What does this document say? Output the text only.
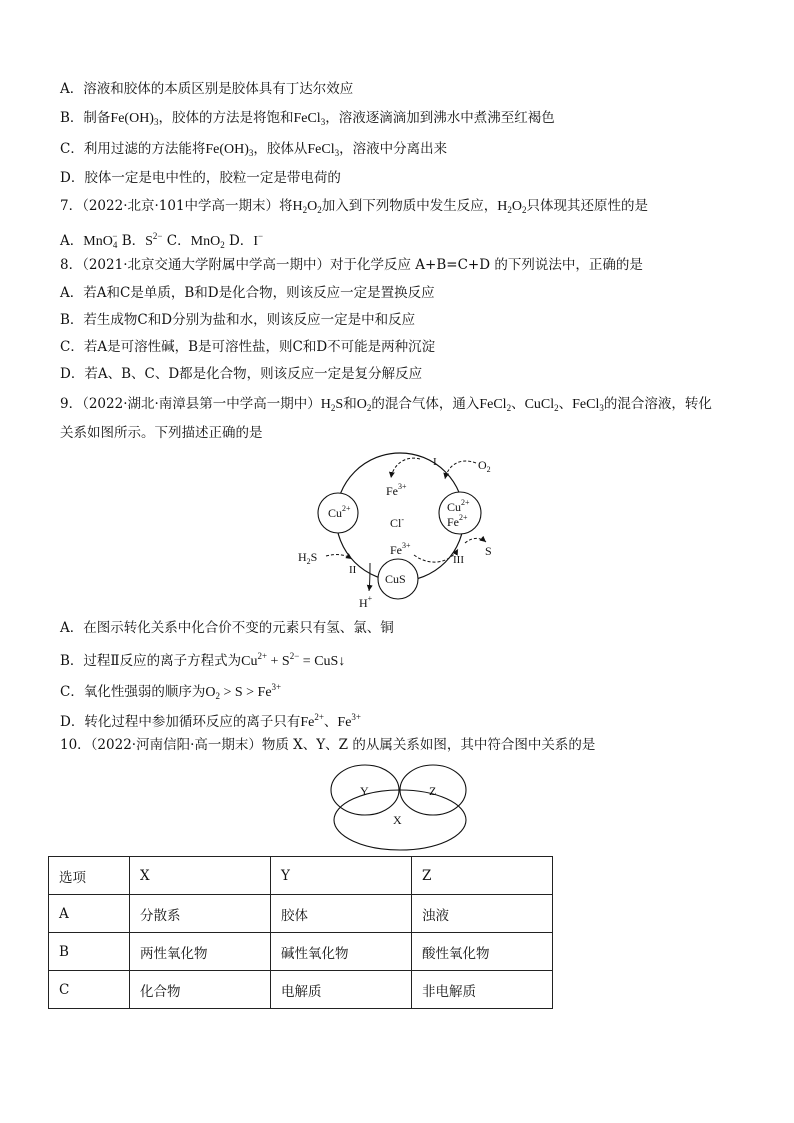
A．溶液和胶体的本质区别是胶体具有丁达尔效应
B．制备$Fe(OH)_3$，胶体的方法是将饱和FeCl$_3$，溶液逐滴滴加到沸水中煮沸至红褐色
C．利用过滤的方法能将$Fe(OH)_3$，胶体从FeCl$_3$，溶液中分离出来
D．胶体一定是电中性的，胶粒一定是带电荷的
7．（2022·北京·101中学高一期末）将$H_2O_2$加入到下列物质中发生反应，$H_2O_2$只体现其还原性的是
A．MnO$_4$− B．$S^{2-}$ C．MnO$_2$ D．I−
8．（2021·北京交通大学附属中学高一期中）对于化学反应 A+B=C+D 的下列说法中，正确的是
A．若A和C是单质，B和D是化合物，则该反应一定是置换反应
B．若生成物C和D分别为盐和水，则该反应一定是中和反应
C．若A是可溶性碱，B是可溶性盐，则C和D不可能是两种沉淀
D．若A、B、C、D都是化合物，则该反应一定是复分解反应
9．（2022·湖北·南漳县第一中学高一期中）$H_2S$和$O_2$的混合气体，通入FeCl$_2$、CuCl$_2$、FeCl$_3$的混合溶液，转化
关系如图所示。下列描述正确的是
$Cu^{2+}$	$Cu^{2+}$
$Fe^{2+}$
Cl-
$Fe^{3+}$
$Fe^{3+}$
CuS
$O_2$
$H_2S$
H+
S
I
II
III
A．在图示转化关系中化合价不变的元素只有氢、氯、铜
B．过程Ⅱ反应的离子方程式为$Cu^{2+} + S^{2-}$ = CuS↓
C．氧化性强弱的顺序为$O_2 > S > Fe^{3+}$
D．转化过程中参加循环反应的离子只有$Fe^{2+}$、$Fe^{3+}$
10．（2022·河南信阳·高一期末）物质 X、Y、Z 的从属关系如图，其中符合图中关系的是
Y	Z
X
选项	X	Y	Z
A	分散系	胶体	浊液
B	两性氧化物	碱性氧化物	酸性氧化物
C	化合物	电解质	非电解质
